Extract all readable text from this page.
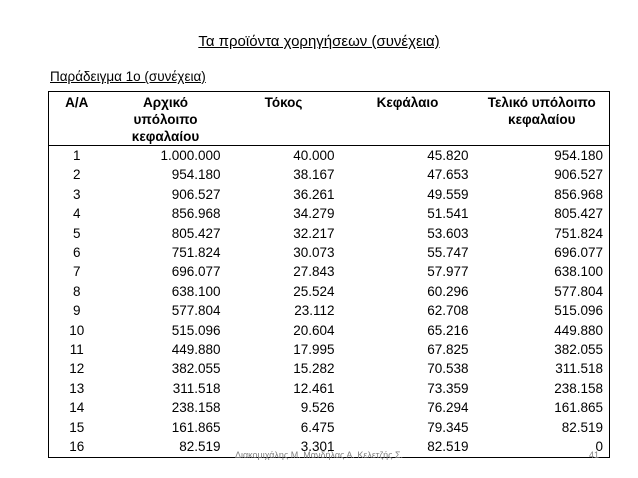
Τα προϊόντα χορηγήσεων (συνέχεια)
Παράδειγμα 1ο (συνέχεια)
Α/Α	Αρχικό υπόλοιπο κεφαλαίου	Τόκος	Κεφάλαιο	Τελικό υπόλοιπο κεφαλαίου
1	1.000.000	40.000	45.820	954.180
2	954.180	38.167	47.653	906.527
3	906.527	36.261	49.559	856.968
4	856.968	34.279	51.541	805.427
5	805.427	32.217	53.603	751.824
6	751.824	30.073	55.747	696.077
7	696.077	27.843	57.977	638.100
8	638.100	25.524	60.296	577.804
9	577.804	23.112	62.708	515.096
10	515.096	20.604	65.216	449.880
11	449.880	17.995	67.825	382.055
12	382.055	15.282	70.538	311.518
13	311.518	12.461	73.359	238.158
14	238.158	9.526	76.294	161.865
15	161.865	6.475	79.345	82.519
16	82.519	3.301	82.519	0
Διακομιχάλης Μ. Μανδήλας Α. Κελετζής Σ.	41
